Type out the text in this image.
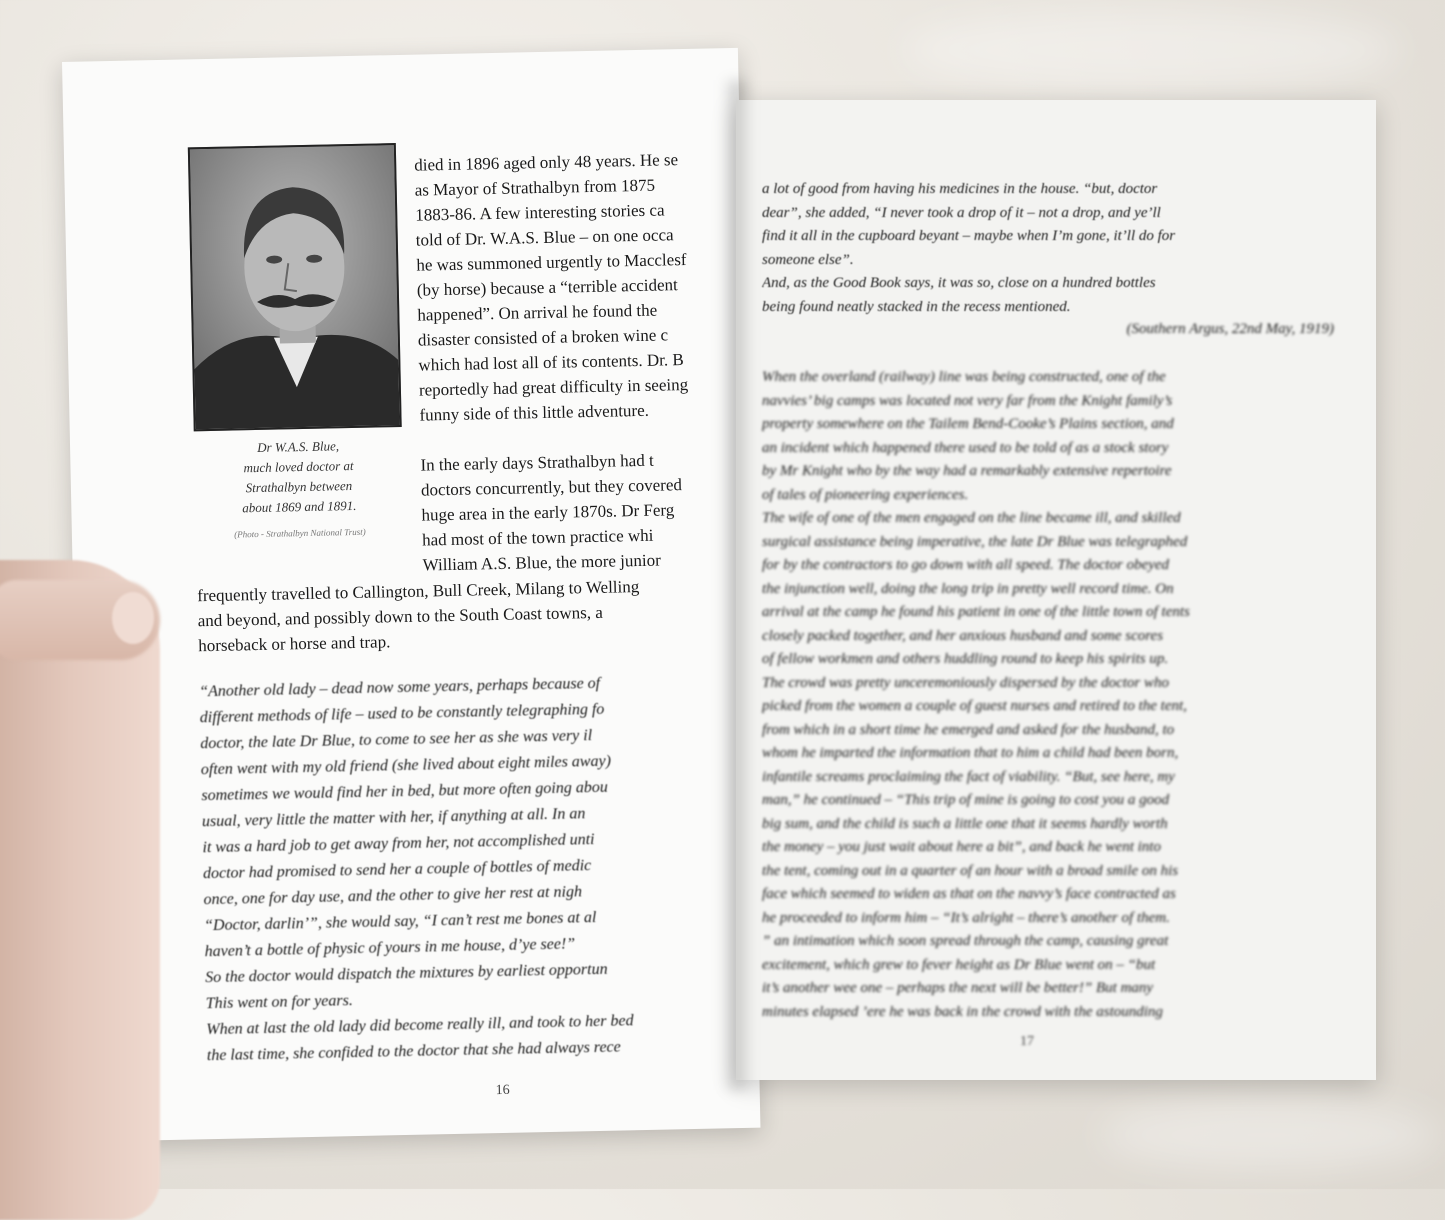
Dr W.A.S. Blue,
much loved doctor at
Strathalbyn between
about 1869 and 1891.
(Photo - Strathalbyn National Trust)
died in 1896 aged only 48 years. He se
as Mayor of Strathalbyn from 1875
1883-86. A few interesting stories ca
told of Dr. W.A.S. Blue – on one occa
he was summoned urgently to Macclesf
(by horse) because a “terrible accident
happened”. On arrival he found the
disaster consisted of a broken wine c
which had lost all of its contents. Dr. B
reportedly had great difficulty in seeing
funny side of this little adventure.
In the early days Strathalbyn had t
doctors concurrently, but they covered
huge area in the early 1870s. Dr Ferg
had most of the town practice whi
William A.S. Blue, the more junior
frequently travelled to Callington, Bull Creek, Milang to Welling
and beyond, and possibly down to the South Coast towns, a
horseback or horse and trap.
“Another old lady – dead now some years, perhaps because of
different methods of life – used to be constantly telegraphing fo
doctor, the late Dr Blue, to come to see her as she was very il
often went with my old friend (she lived about eight miles away)
sometimes we would find her in bed, but more often going abou
usual, very little the matter with her, if anything at all. In an
it was a hard job to get away from her, not accomplished unti
doctor had promised to send her a couple of bottles of medic
once, one for day use, and the other to give her rest at nigh
“Doctor, darlin’”, she would say, “I can’t rest me bones at al
haven’t a bottle of physic of yours in me house, d’ye see!”
So the doctor would dispatch the mixtures by earliest opportun
This went on for years.
When at last the old lady did become really ill, and took to her bed
the last time, she confided to the doctor that she had always rece
16
a lot of good from having his medicines in the house. “but, doctor
dear”, she added, “I never took a drop of it – not a drop, and ye’ll
find it all in the cupboard beyant – maybe when I’m gone, it’ll do for
someone else”.
And, as the Good Book says, it was so, close on a hundred bottles
being found neatly stacked in the recess mentioned.
(Southern Argus, 22nd May, 1919)
When the overland (railway) line was being constructed, one of the
navvies’ big camps was located not very far from the Knight family’s
property somewhere on the Tailem Bend-Cooke’s Plains section, and
an incident which happened there used to be told of as a stock story
by Mr Knight who by the way had a remarkably extensive repertoire
of tales of pioneering experiences.
The wife of one of the men engaged on the line became ill, and skilled
surgical assistance being imperative, the late Dr Blue was telegraphed
for by the contractors to go down with all speed. The doctor obeyed
the injunction well, doing the long trip in pretty well record time. On
arrival at the camp he found his patient in one of the little town of tents
closely packed together, and her anxious husband and some scores
of fellow workmen and others huddling round to keep his spirits up.
The crowd was pretty unceremoniously dispersed by the doctor who
picked from the women a couple of guest nurses and retired to the tent,
from which in a short time he emerged and asked for the husband, to
whom he imparted the information that to him a child had been born,
infantile screams proclaiming the fact of viability. “But, see here, my
man,” he continued – “This trip of mine is going to cost you a good
big sum, and the child is such a little one that it seems hardly worth
the money – you just wait about here a bit”, and back he went into
the tent, coming out in a quarter of an hour with a broad smile on his
face which seemed to widen as that on the navvy’s face contracted as
he proceeded to inform him – “It’s alright – there’s another of them.
” an intimation which soon spread through the camp, causing great
excitement, which grew to fever height as Dr Blue went on – “but
it’s another wee one – perhaps the next will be better!” But many
minutes elapsed ’ere he was back in the crowd with the astounding
17
